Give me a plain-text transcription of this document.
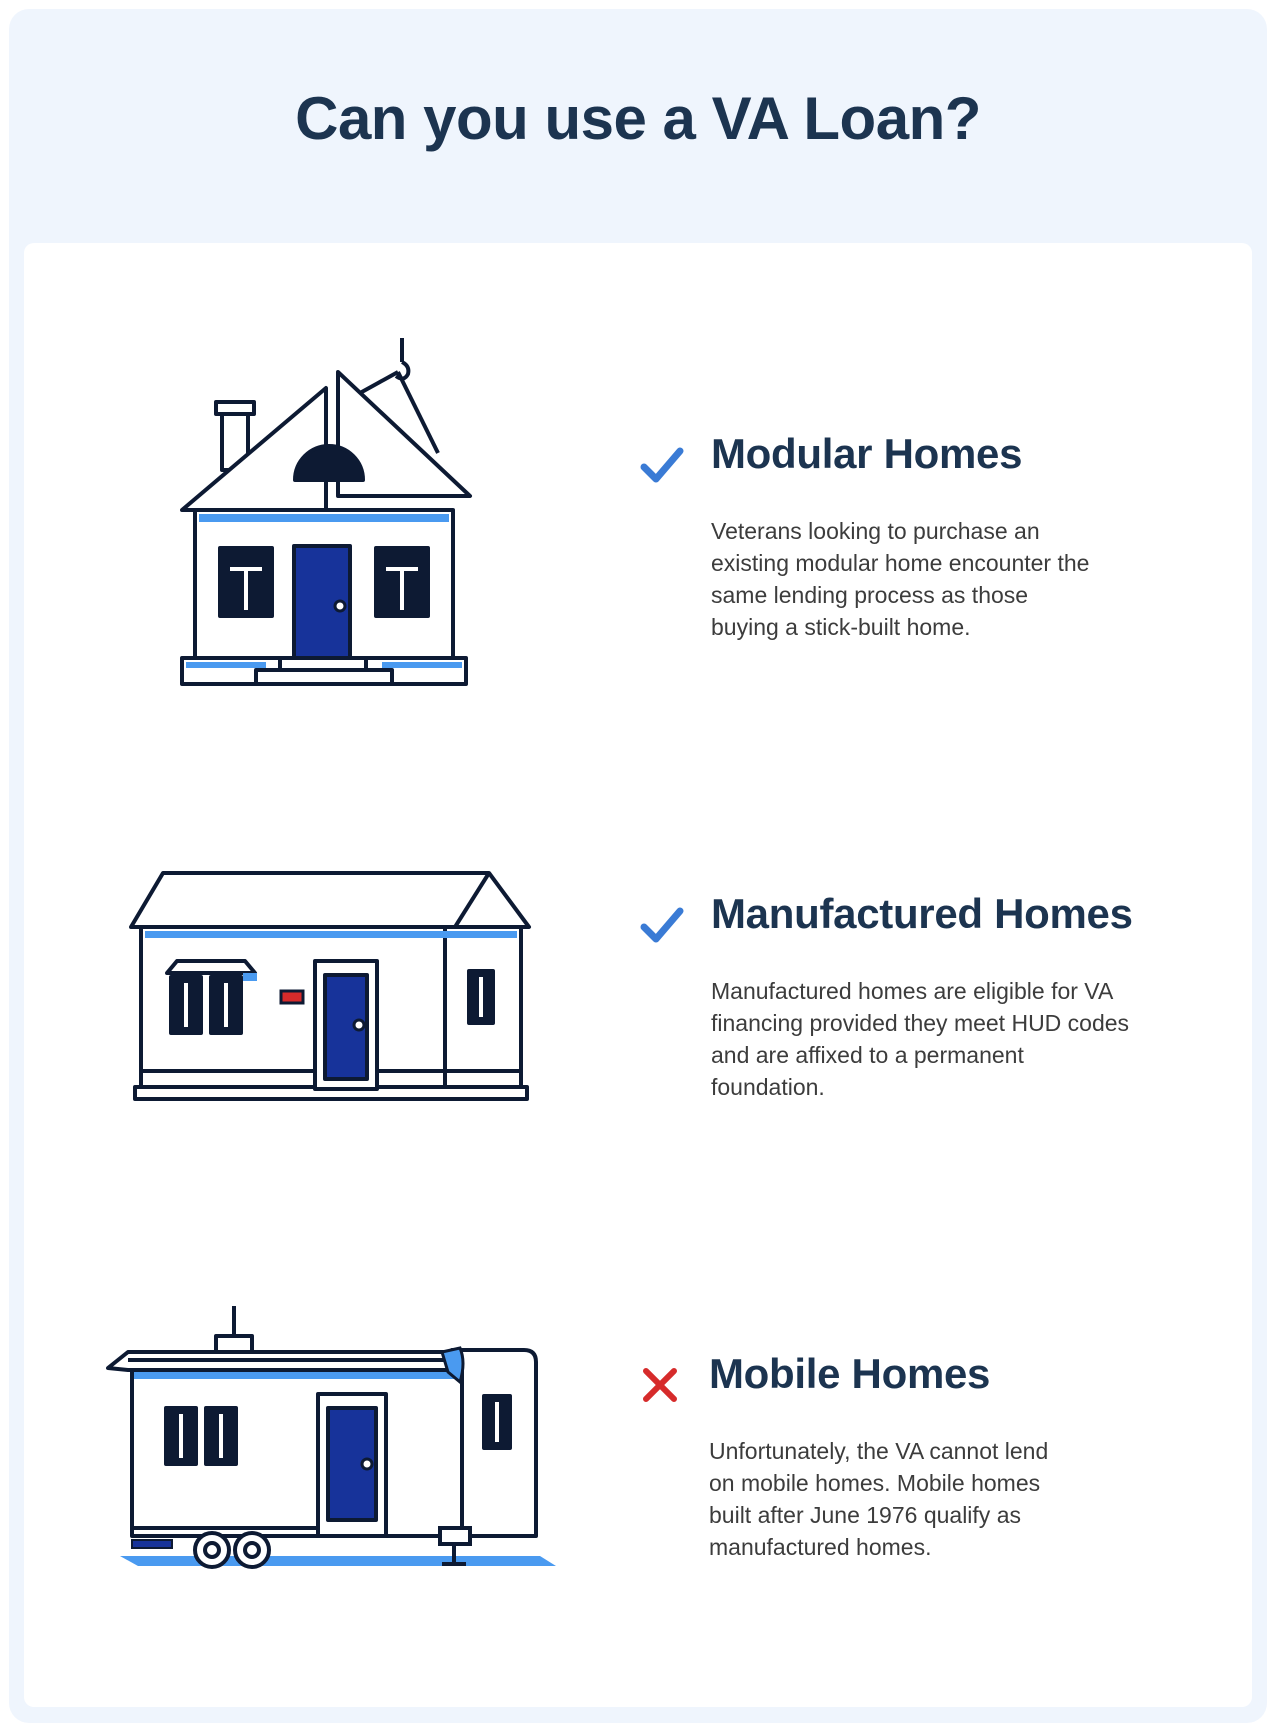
Can you use a VA Loan?
Modular Homes
Veterans looking to purchase an existing modular home encounter the same lending process as those buying a stick-built home.
Manufactured Homes
Manufactured homes are eligible for VA financing provided they meet HUD codes and are affixed to a permanent foundation.
Mobile Homes
Unfortunately, the VA cannot lend on mobile homes. Mobile homes built after June 1976 qualify as manufactured homes.
